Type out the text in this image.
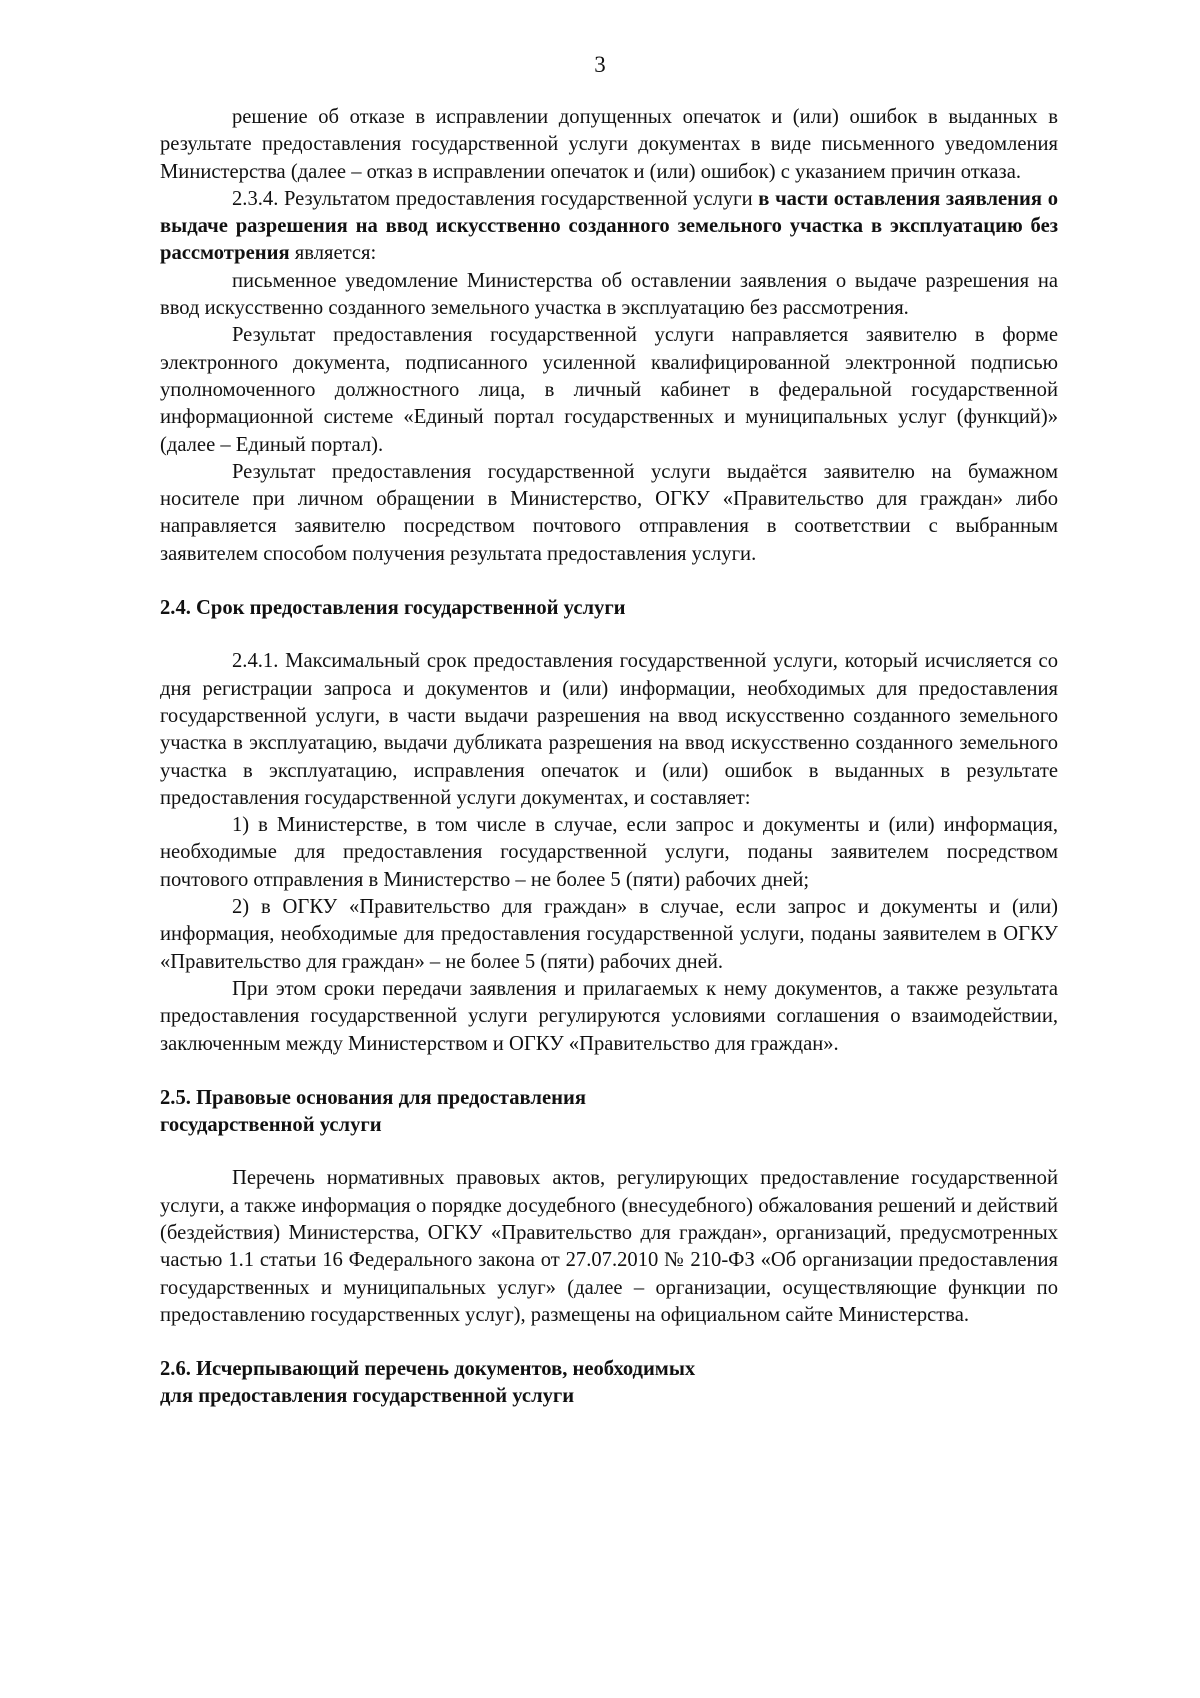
3

решение об отказе в исправлении допущенных опечаток и (или) ошибок в выданных в результате предоставления государственной услуги документах в виде письменного уведомления Министерства (далее – отказ в исправлении опечаток и (или) ошибок) с указанием причин отказа.

2.3.4. Результатом предоставления государственной услуги в части оставления заявления о выдаче разрешения на ввод искусственно созданного земельного участка в эксплуатацию без рассмотрения является:

письменное уведомление Министерства об оставлении заявления о выдаче разрешения на ввод искусственно созданного земельного участка в эксплуатацию без рассмотрения.

Результат предоставления государственной услуги направляется заявителю в форме электронного документа, подписанного усиленной квалифицированной электронной подписью уполномоченного должностного лица, в личный кабинет в федеральной государственной информационной системе «Единый портал государственных и муниципальных услуг (функций)» (далее – Единый портал).

Результат предоставления государственной услуги выдаётся заявителю на бумажном носителе при личном обращении в Министерство, ОГКУ «Правительство для граждан» либо направляется заявителю посредством почтового отправления в соответствии с выбранным заявителем способом получения результата предоставления услуги.

2.4. Срок предоставления государственной услуги

2.4.1. Максимальный срок предоставления государственной услуги, который исчисляется со дня регистрации запроса и документов и (или) информации, необходимых для предоставления государственной услуги, в части выдачи разрешения на ввод искусственно созданного земельного участка в эксплуатацию, выдачи дубликата разрешения на ввод искусственно созданного земельного участка в эксплуатацию, исправления опечаток и (или) ошибок в выданных в результате предоставления государственной услуги документах, и составляет:

1) в Министерстве, в том числе в случае, если запрос и документы и (или) информация, необходимые для предоставления государственной услуги, поданы заявителем посредством почтового отправления в Министерство – не более 5 (пяти) рабочих дней;

2) в ОГКУ «Правительство для граждан» в случае, если запрос и документы и (или) информация, необходимые для предоставления государственной услуги, поданы заявителем в ОГКУ «Правительство для граждан» – не более 5 (пяти) рабочих дней.

При этом сроки передачи заявления и прилагаемых к нему документов, а также результата предоставления государственной услуги регулируются условиями соглашения о взаимодействии, заключенным между Министерством и ОГКУ «Правительство для граждан».

2.5. Правовые основания для предоставления

государственной услуги

Перечень нормативных правовых актов, регулирующих предоставление государственной услуги, а также информация о порядке досудебного (внесудебного) обжалования решений и действий (бездействия) Министерства, ОГКУ «Правительство для граждан», организаций, предусмотренных частью 1.1 статьи 16 Федерального закона от 27.07.2010 № 210-ФЗ «Об организации предоставления государственных и муниципальных услуг» (далее – организации, осуществляющие функции по предоставлению государственных услуг), размещены на официальном сайте Министерства.

2.6. Исчерпывающий перечень документов, необходимых

для предоставления государственной услуги
